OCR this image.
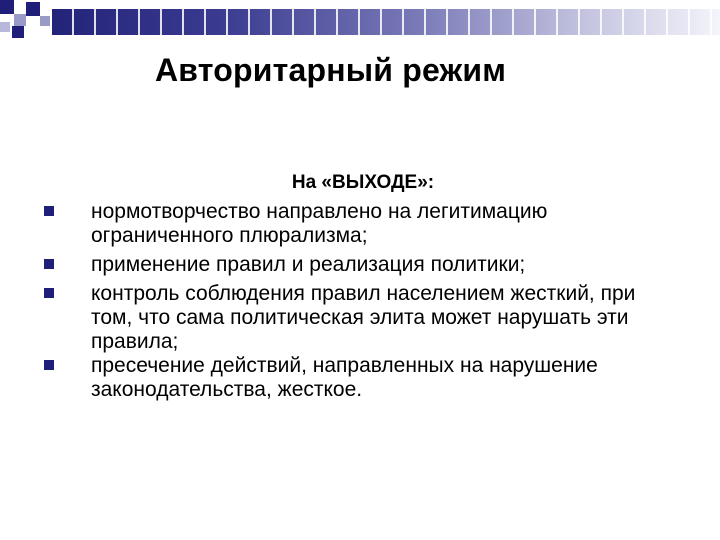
Авторитарный режим
На «ВЫХОДЕ»:
нормотворчество направлено на легитимацию ограниченного плюрализма;
применение правил и реализация политики;
контроль соблюдения правил населением жесткий, при том, что сама политическая элита может нарушать эти правила;
пресечение действий, направленных на нарушение законодательства, жесткое.
